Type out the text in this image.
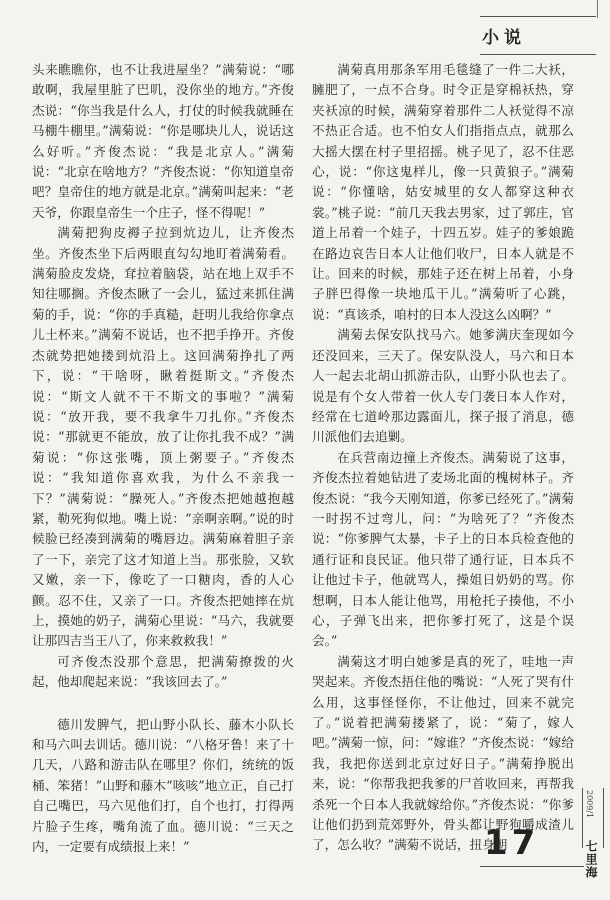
小说

头来瞧瞧你，也不让我进屋坐？”满菊说：“哪敢啊，我屋里脏了巴叽，没你坐的地方。”齐俊杰说：“你当我是什么人，打仗的时候我就睡在马棚牛棚里。”满菊说：“你是哪块儿人，说话这么好听。”齐俊杰说：“我是北京人。”满菊说：“北京在啥地方？”齐俊杰说：“你知道皇帝吧？皇帝住的地方就是北京。”满菊叫起来：“老天爷，你跟皇帝生一个庄子，怪不得呢！”

满菊把狗皮褥子拉到炕边儿，让齐俊杰坐。齐俊杰坐下后两眼直勾勾地盯着满菊看。满菊脸皮发烧，耷拉着脑袋，站在地上双手不知往哪搁。齐俊杰瞅了一会儿，猛过来抓住满菊的手，说：“你的手真糙，赶明儿我给你拿点儿土杯来。”满菊不说话，也不把手挣开。齐俊杰就势把她搂到炕沿上。这回满菊挣扎了两下，说：“干啥呀，瞅着挺斯文。”齐俊杰说：“斯文人就不干不斯文的事啦？”满菊说：“放开我，要不我拿牛刀扎你。”齐俊杰说：“那就更不能放，放了让你扎我不成？”满菊说：“你这张嘴，顶上粥要子。”齐俊杰说：“我知道你喜欢我，为什么不亲我一下？”满菊说：“臊死人。”齐俊杰把她越抱越紧，勒死狗似地。嘴上说：“亲啊亲啊。”说的时候脸已经凑到满菊的嘴唇边。满菊麻着胆子亲了一下，亲完了这才知道上当。那张脸，又软又嫩，亲一下，像吃了一口糖肉，香的人心颤。忍不住，又亲了一口。齐俊杰把她摔在炕上，摸她的奶子，满菊心里说：“马六，我就要让那四吉当王八了，你来救救我！”

可齐俊杰没那个意思，把满菊撩拨的火起，他却爬起来说：“我该回去了。”

德川发脾气，把山野小队长、藤木小队长和马六叫去训话。德川说：“八格牙鲁！来了十几天，八路和游击队在哪里？你们，统统的饭桶、笨猪！”山野和藤木“咳咳”地立正，自己打自己嘴巴，马六见他们打，自个也打，打得两片脸子生疼，嘴角流了血。德川说：“三天之内，一定要有成绩报上来！”

满菊真用那条军用毛毯缝了一件二大袄，臃肥了，一点不合身。时令正是穿棉袄热，穿夹袄凉的时候，满菊穿着那件二人袄觉得不凉不热正合适。也不怕女人们指指点点，就那么大摇大摆在村子里招摇。桃子见了，忍不住恶心，说：“你这鬼样儿，像一只黄狼子。”满菊说：“你懂啥，姑安城里的女人都穿这种衣裳。”桃子说：“前几天我去男家，过了郭庄，官道上吊着一个娃子，十四五岁。娃子的爹娘跪在路边哀告日本人让他们收尸，日本人就是不让。回来的时候，那娃子还在树上吊着，小身子胖巴得像一块地瓜干儿。”满菊听了心跳，说：“真该杀，咱村的日本人没这么凶啊？”

满菊去保安队找马六。她爹满庆奎现如今还没回来，三天了。保安队没人，马六和日本人一起去北胡山抓游击队，山野小队也去了。说是有个女人带着一伙人专门袭日本人作对，经常在七道岭那边露面儿，探子报了消息，德川派他们去追剿。

在兵营南边撞上齐俊杰。满菊说了这事，齐俊杰拉着她钻进了麦场北面的槐树林子。齐俊杰说：“我今天刚知道，你爹已经死了。”满菊一时拐不过弯儿，问：“为啥死了？”齐俊杰说：“你爹脾气太暴，卡子上的日本兵检查他的通行证和良民证。他只带了通行证，日本兵不让他过卡子，他就骂人，操姐日奶奶的骂。你想啊，日本人能让他骂，用枪托子揍他，不小心，子弹飞出来，把你爹打死了，这是个误会。”

满菊这才明白她爹是真的死了，哇地一声哭起来。齐俊杰捂住他的嘴说：“人死了哭有什么用，这事怪怪你，不让他过，回来不就完了。”说着把满菊搂紧了，说：“菊了，嫁人吧。”满菊一惊，问：“嫁谁？”齐俊杰说：“嫁给我，我把你送到北京过好日子。”满菊挣脱出来，说：“你帮我把我爹的尸首收回来，再帮我杀死一个日本人我就嫁给你。”齐俊杰说：“你爹让他们扔到荒郊野外，骨头都让野狗嚼成渣儿了，怎么收？”满菊不说话，扭身朝

2009/1
七里海
17
